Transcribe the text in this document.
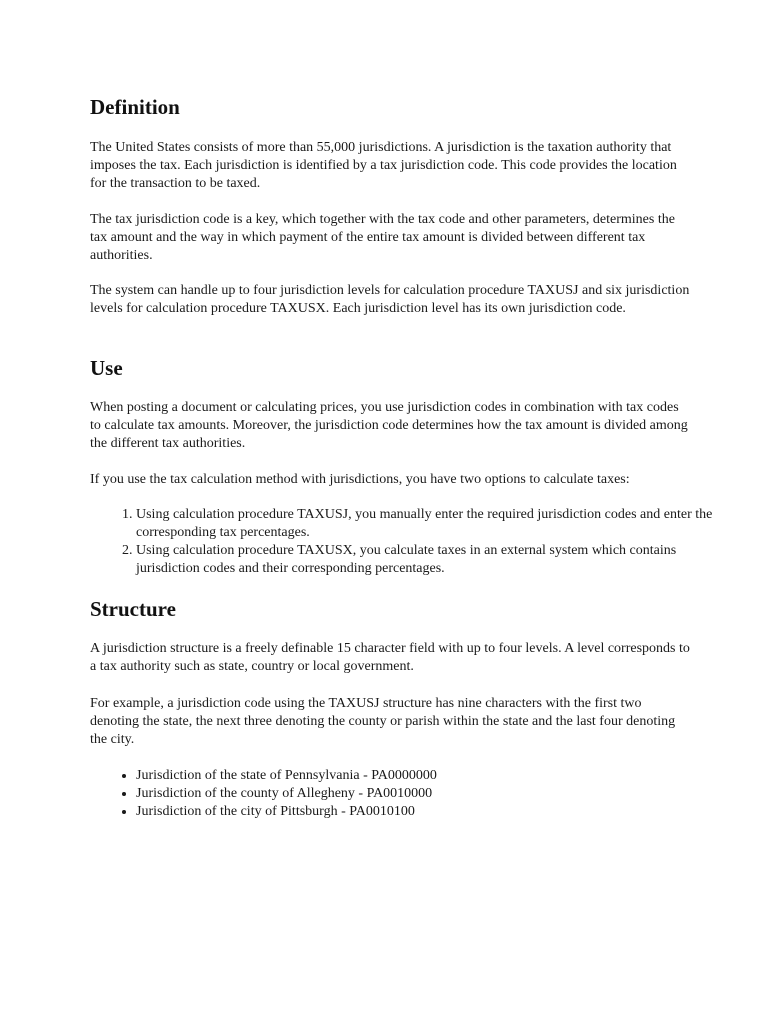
Definition

The United States consists of more than 55,000 jurisdictions. A jurisdiction is the taxation authority that imposes the tax. Each jurisdiction is identified by a tax jurisdiction code. This code provides the location for the transaction to be taxed.

The tax jurisdiction code is a key, which together with the tax code and other parameters, determines the tax amount and the way in which payment of the entire tax amount is divided between different tax authorities.

The system can handle up to four jurisdiction levels for calculation procedure TAXUSJ and six jurisdiction levels for calculation procedure TAXUSX. Each jurisdiction level has its own jurisdiction code.

Use

When posting a document or calculating prices, you use jurisdiction codes in combination with tax codes to calculate tax amounts. Moreover, the jurisdiction code determines how the tax amount is divided among the different tax authorities.

If you use the tax calculation method with jurisdictions, you have two options to calculate taxes:

1. Using calculation procedure TAXUSJ, you manually enter the required jurisdiction codes and enter the corresponding tax percentages.
2. Using calculation procedure TAXUSX, you calculate taxes in an external system which contains jurisdiction codes and their corresponding percentages.
Structure

A jurisdiction structure is a freely definable 15 character field with up to four levels. A level corresponds to a tax authority such as state, country or local government.

For example, a jurisdiction code using the TAXUSJ structure has nine characters with the first two denoting the state, the next three denoting the county or parish within the state and the last four denoting the city.

• Jurisdiction of the state of Pennsylvania - PA0000000
• Jurisdiction of the county of Allegheny - PA0010000
• Jurisdiction of the city of Pittsburgh - PA0010100
